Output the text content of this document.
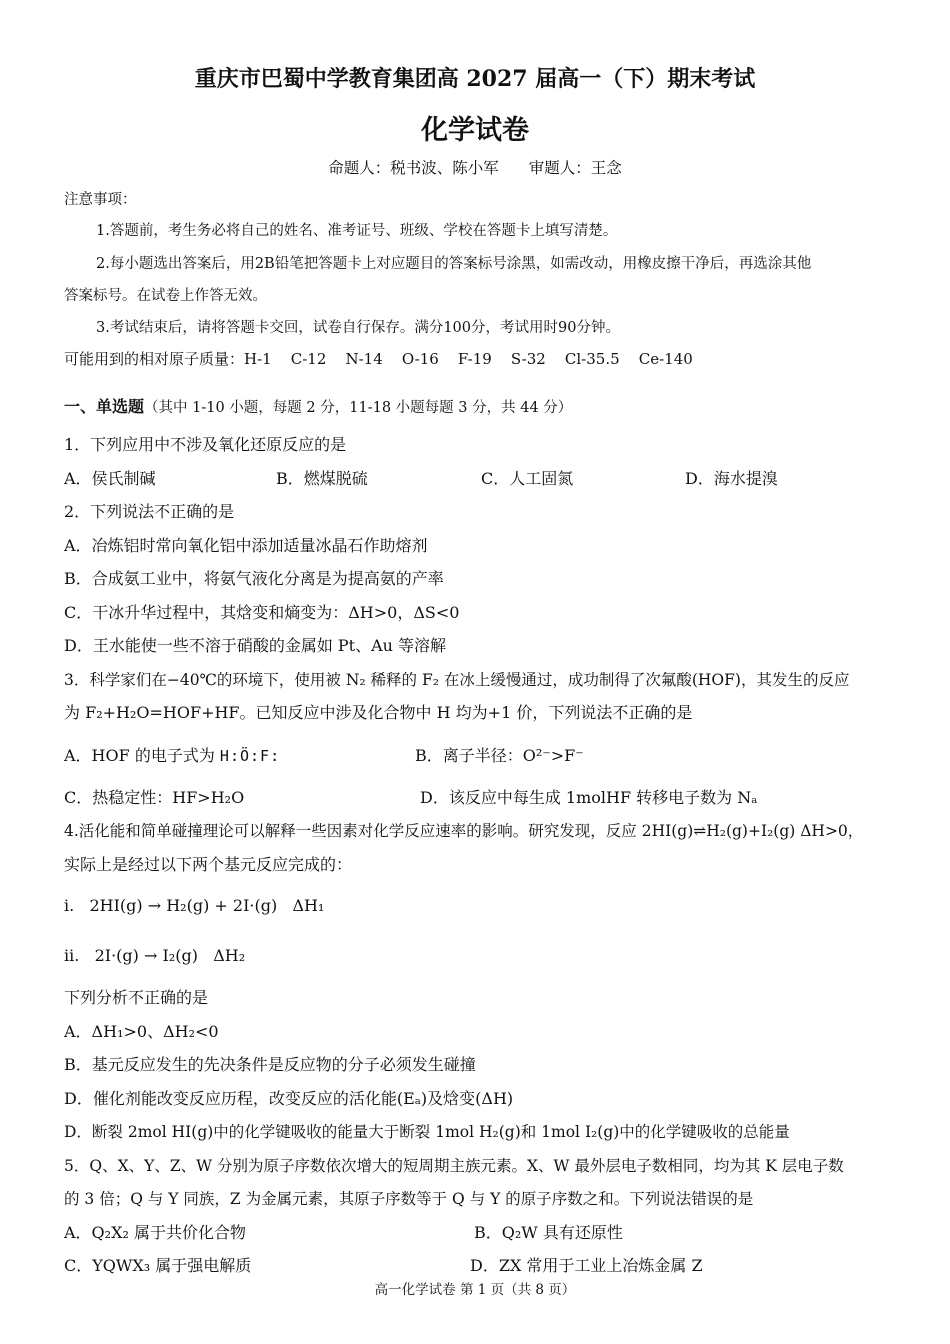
重庆市巴蜀中学教育集团高 2027 届高一（下）期末考试
化学试卷
命题人：税书波、陈小军 审题人：王念
注意事项：
1.答题前，考生务必将自己的姓名、准考证号、班级、学校在答题卡上填写清楚。
2.每小题选出答案后，用2B铅笔把答题卡上对应题目的答案标号涂黑，如需改动，用橡皮擦干净后，再选涂其他
答案标号。在试卷上作答无效。
3.考试结束后，请将答题卡交回，试卷自行保存。满分100分，考试用时90分钟。
可能用到的相对原子质量：H-1    C-12    N-14    O-16    F-19    S-32    Cl-35.5    Ce-140
一、单选题（其中 1-10 小题，每题 2 分，11-18 小题每题 3 分，共 44 分）
1．下列应用中不涉及氧化还原反应的是
A．侯氏制碱	B．燃煤脱硫	C．人工固氮	D．海水提溴
2．下列说法不正确的是
A．冶炼铝时常向氧化铝中添加适量冰晶石作助熔剂
B．合成氨工业中，将氨气液化分离是为提高氨的产率
C．干冰升华过程中，其焓变和熵变为：ΔH>0，ΔS<0
D．王水能使一些不溶于硝酸的金属如 Pt、Au 等溶解
3．科学家们在−40℃的环境下，使用被 N₂ 稀释的 F₂ 在冰上缓慢通过，成功制得了次氟酸(HOF)，其发生的反应
为 F₂+H₂O=HOF+HF。已知反应中涉及化合物中 H 均为+1 价，下列说法不正确的是
A．HOF 的电子式为 H:Ö:F:	B．离子半径：O²⁻>F⁻
C．热稳定性：HF>H₂O	D．该反应中每生成 1molHF 转移电子数为 Nₐ
4.活化能和简单碰撞理论可以解释一些因素对化学反应速率的影响。研究发现，反应 2HI(g)⇌H₂(g)+I₂(g) ΔH>0，
实际上是经过以下两个基元反应完成的：
i.   2HI(g) → H₂(g) + 2I·(g)   ΔH₁
ii.   2I·(g) → I₂(g)   ΔH₂
下列分析不正确的是
A．ΔH₁>0、ΔH₂<0
B．基元反应发生的先决条件是反应物的分子必须发生碰撞
D．催化剂能改变反应历程，改变反应的活化能(Eₐ)及焓变(ΔH)
D．断裂 2mol HI(g)中的化学键吸收的能量大于断裂 1mol H₂(g)和 1mol I₂(g)中的化学键吸收的总能量
5．Q、X、Y、Z、W 分别为原子序数依次增大的短周期主族元素。X、W 最外层电子数相同，均为其 K 层电子数
的 3 倍；Q 与 Y 同族，Z 为金属元素，其原子序数等于 Q 与 Y 的原子序数之和。下列说法错误的是
A．Q₂X₂ 属于共价化合物	B．Q₂W 具有还原性
C．YQWX₃ 属于强电解质	D．ZX 常用于工业上冶炼金属 Z
高一化学试卷 第 1 页（共 8 页）
